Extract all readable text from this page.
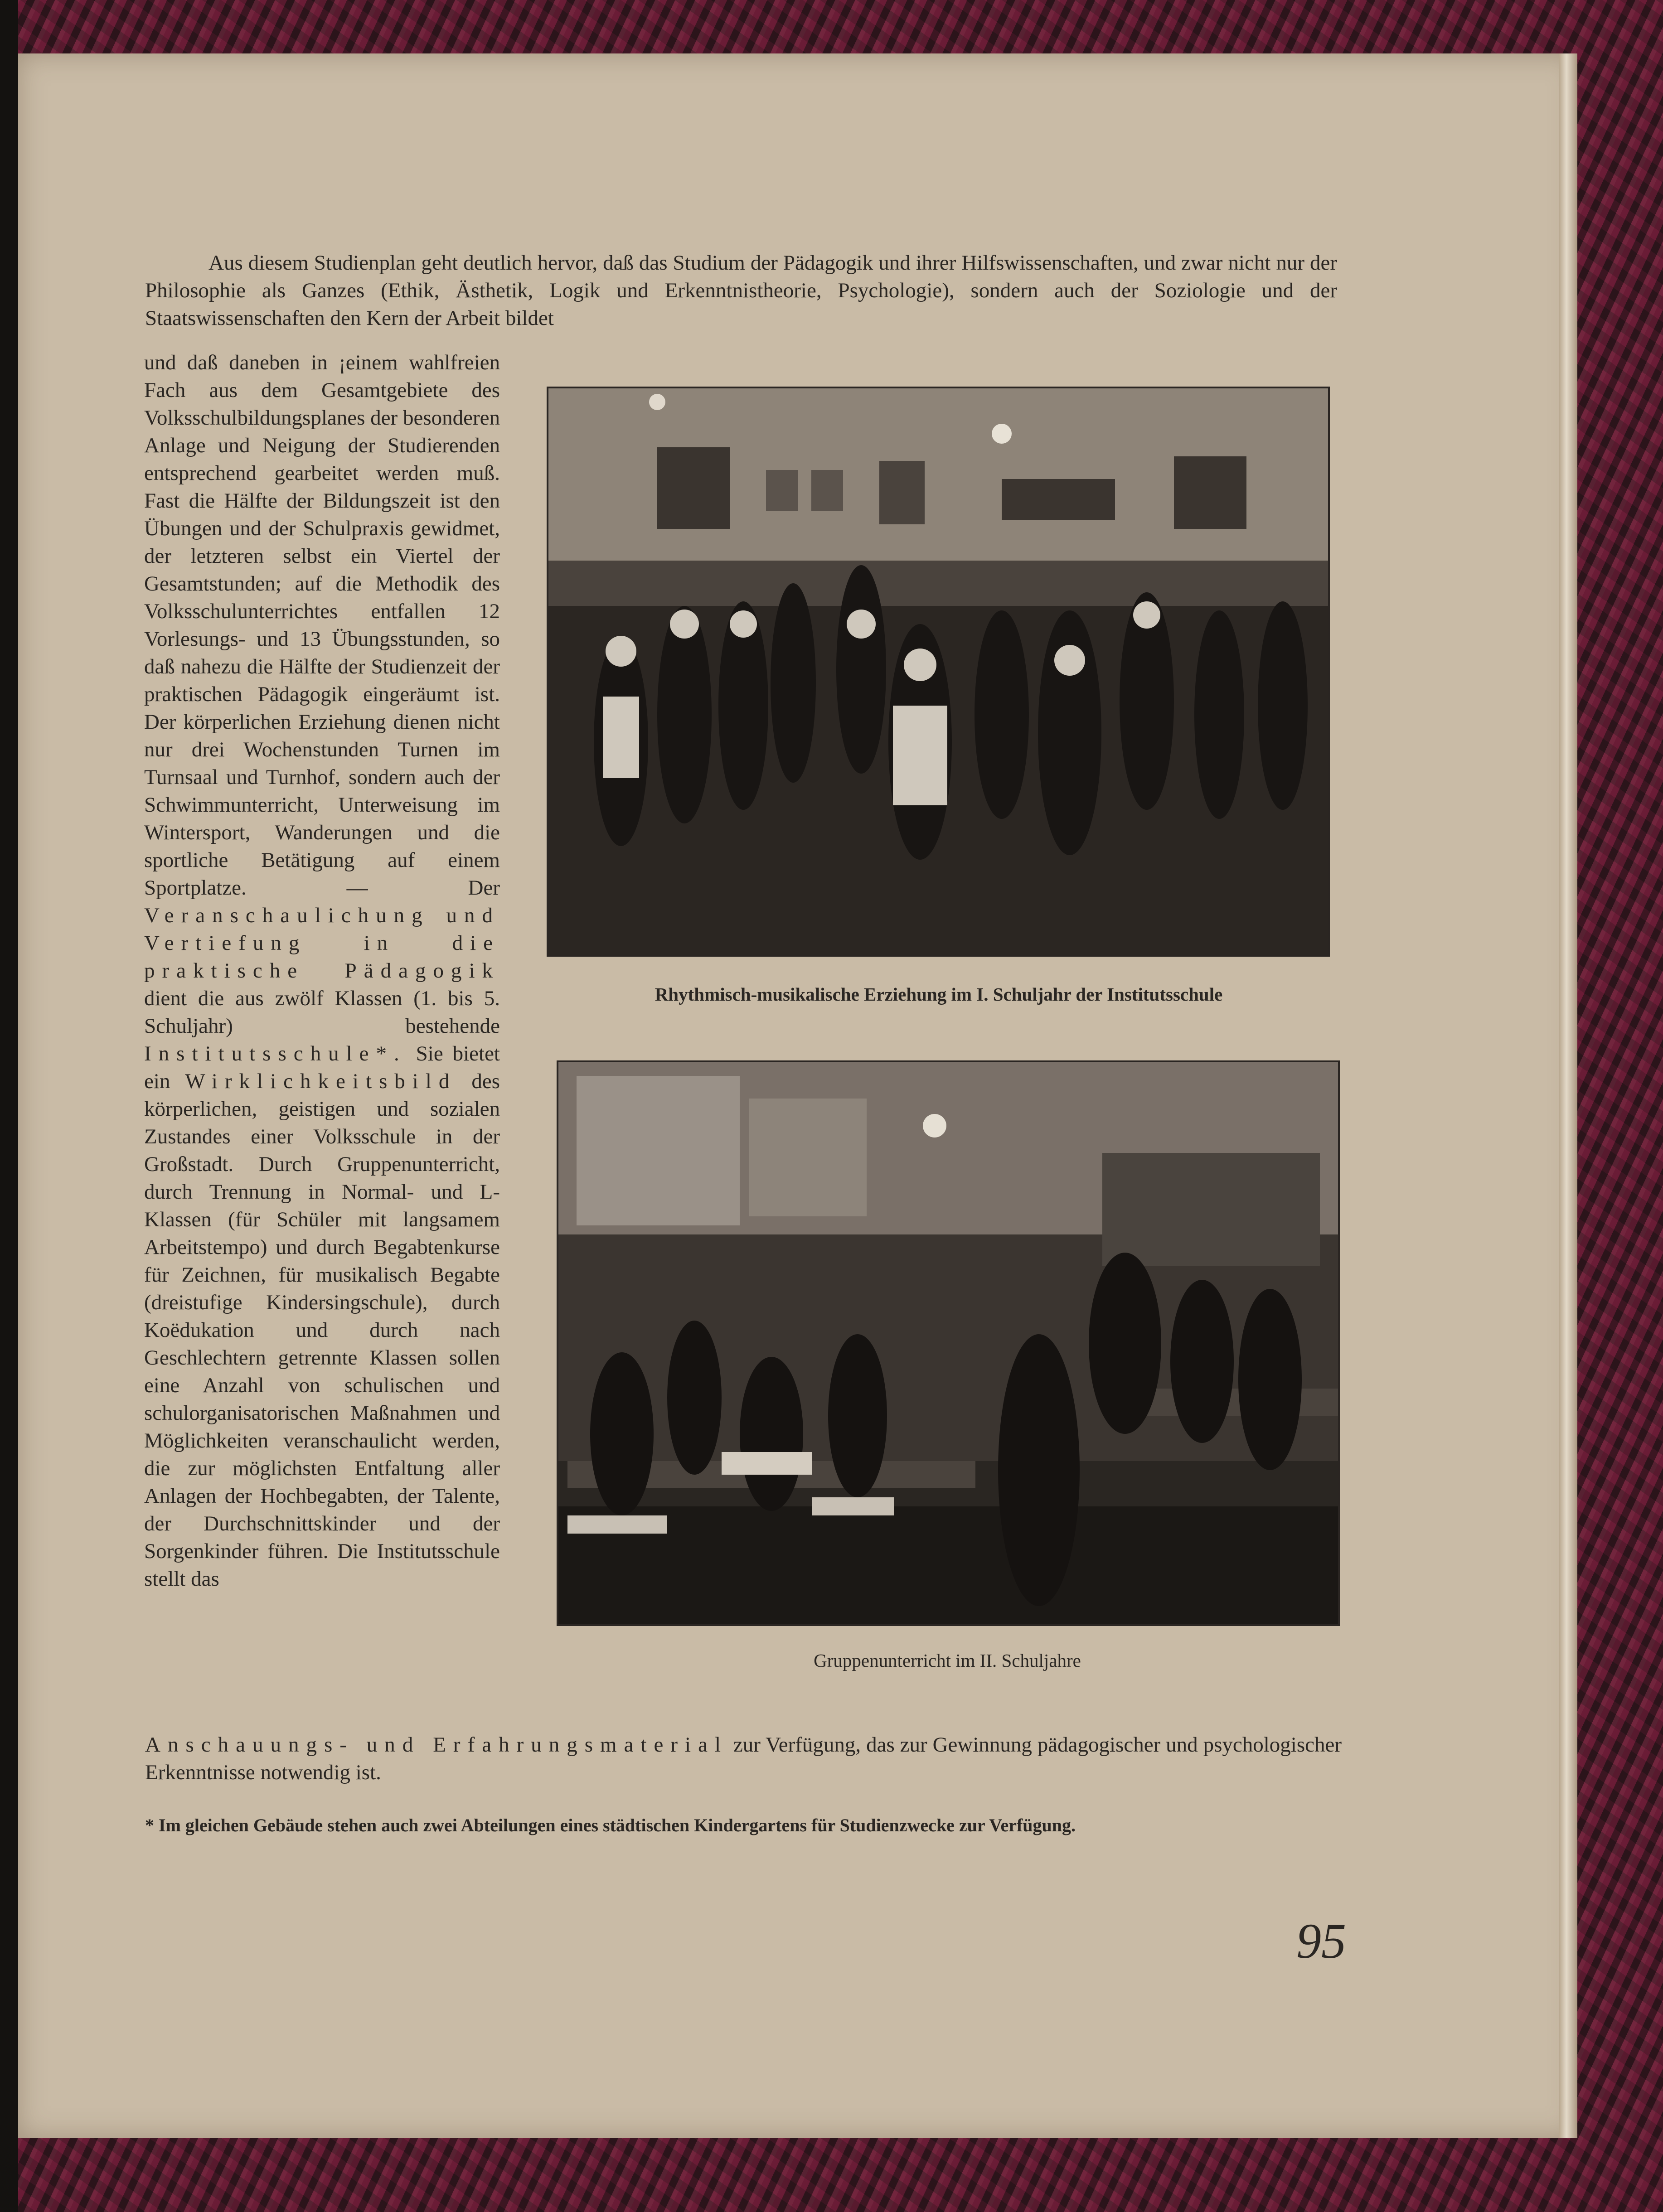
Aus diesem Studienplan geht deutlich hervor, daß das Studium der Pädagogik und ihrer Hilfswissenschaften, und zwar nicht nur der Philosophie als Ganzes (Ethik, Ästhetik, Logik und Erkenntnistheorie, Psychologie), sondern auch der Soziologie und der Staatswissenschaften den Kern der Arbeit bildet
und daß daneben in ¡einem wahlfreien Fach aus dem Gesamtgebiete des Volksschulbildungsplanes der besonderen Anlage und Neigung der Studierenden entsprechend gearbeitet werden muß. Fast die Hälfte der Bildungszeit ist den Übungen und der Schulpraxis gewidmet, der letzteren selbst ein Viertel der Gesamtstunden; auf die Methodik des Volksschulunterrichtes entfallen 12 Vorlesungs- und 13 Übungsstunden, so daß nahezu die Hälfte der Studienzeit der praktischen Pädagogik eingeräumt ist. Der körperlichen Erziehung dienen nicht nur drei Wochenstunden Turnen im Turnsaal und Turnhof, sondern auch der Schwimmunterricht, Unterweisung im Wintersport, Wanderungen und die sportliche Betätigung auf einem Sportplatze. — Der Veranschaulichung und Vertiefung in die praktische Pädagogik dient die aus zwölf Klassen (1. bis 5. Schuljahr) bestehende Institutsschule*. Sie bietet ein Wirklichkeitsbild des körperlichen, geistigen und sozialen Zustandes einer Volksschule in der Großstadt. Durch Gruppenunterricht, durch Trennung in Normal- und L-Klassen (für Schüler mit langsamem Arbeitstempo) und durch Begabtenkurse für Zeichnen, für musikalisch Begabte (dreistufige Kindersingschule), durch Koëdukation und durch nach Geschlechtern getrennte Klassen sollen eine Anzahl von schulischen und schulorganisatorischen Maßnahmen und Möglichkeiten veranschaulicht werden, die zur möglichsten Entfaltung aller Anlagen der Hochbegabten, der Talente, der Durchschnittskinder und der Sorgenkinder führen. Die Institutsschule stellt das
Rhythmisch-musikalische Erziehung im I. Schuljahr der Institutsschule
Gruppenunterricht im II. Schuljahre
Anschauungs- und Erfahrungsmaterial zur Verfügung, das zur Gewinnung pädagogischer und psychologischer Erkenntnisse notwendig ist.
* Im gleichen Gebäude stehen auch zwei Abteilungen eines städtischen Kindergartens für Studienzwecke zur Verfügung.
95
